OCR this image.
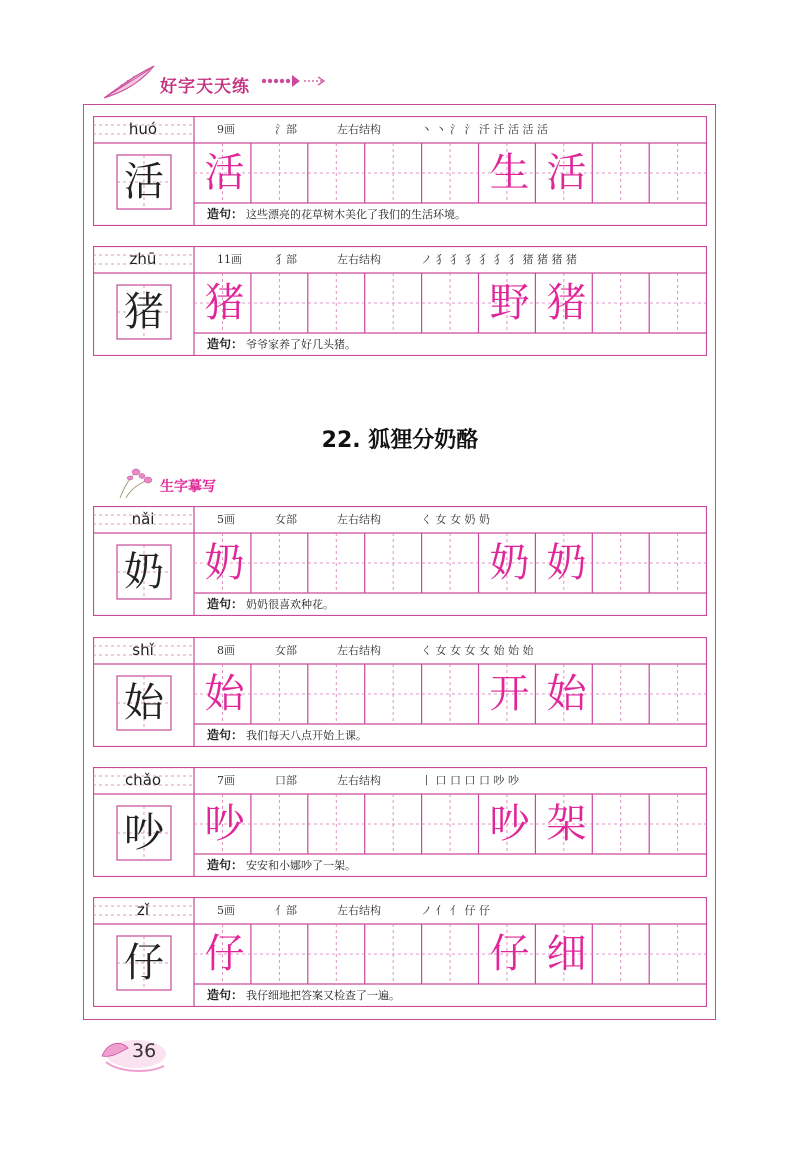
好字天天练
22. 狐狸分奶酪
生字摹写
huó	9画	氵部	左右结构	丶 丶 氵 氵 汘 汘 活 活 活
活 活	生 活
造句： 这些漂亮的花草树木美化了我们的生活环境。
zhū	11画	犭部	左右结构	ノ 犭 犭 犭 犭 犭 犭 猪 猪 猪 猪
猪 猪	野 猪
造句： 爷爷家养了好几头猪。
nǎi	5画	女部	左右结构	く 女 女 奶 奶
奶 奶	奶 奶
造句： 奶奶很喜欢种花。
shǐ	8画	女部	左右结构	く 女 女 女 女 始 始 始
始 始	开 始
造句： 我们每天八点开始上课。
chǎo	7画	口部	左右结构	丨 口 口 口 口 吵 吵
吵 吵	吵 架
造句： 安安和小娜吵了一架。
zǐ	5画	亻部	左右结构	ノ 亻 亻 仔 仔
仔 仔	仔 细
造句： 我仔细地把答案又检查了一遍。
36
